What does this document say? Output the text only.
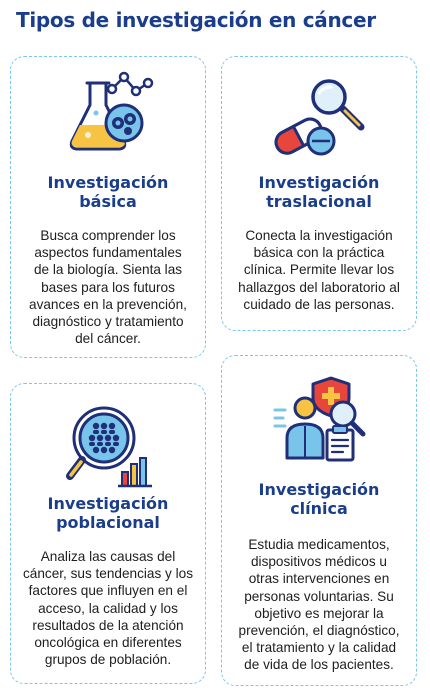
Tipos de investigación en cáncer
Investigación
básica
Busca comprender los
aspectos fundamentales
de la biología. Sienta las
bases para los futuros
avances en la prevención,
diagnóstico y tratamiento
del cáncer.
Investigación
traslacional
Conecta la investigación
básica con la práctica
clínica. Permite llevar los
hallazgos del laboratorio al
cuidado de las personas.
Investigación
poblacional
Analiza las causas del
cáncer, sus tendencias y los
factores que influyen en el
acceso, la calidad y los
resultados de la atención
oncológica en diferentes
grupos de población.
Investigación
clínica
Estudia medicamentos,
dispositivos médicos u
otras intervenciones en
personas voluntarias. Su
objetivo es mejorar la
prevención, el diagnóstico,
el tratamiento y la calidad
de vida de los pacientes.
